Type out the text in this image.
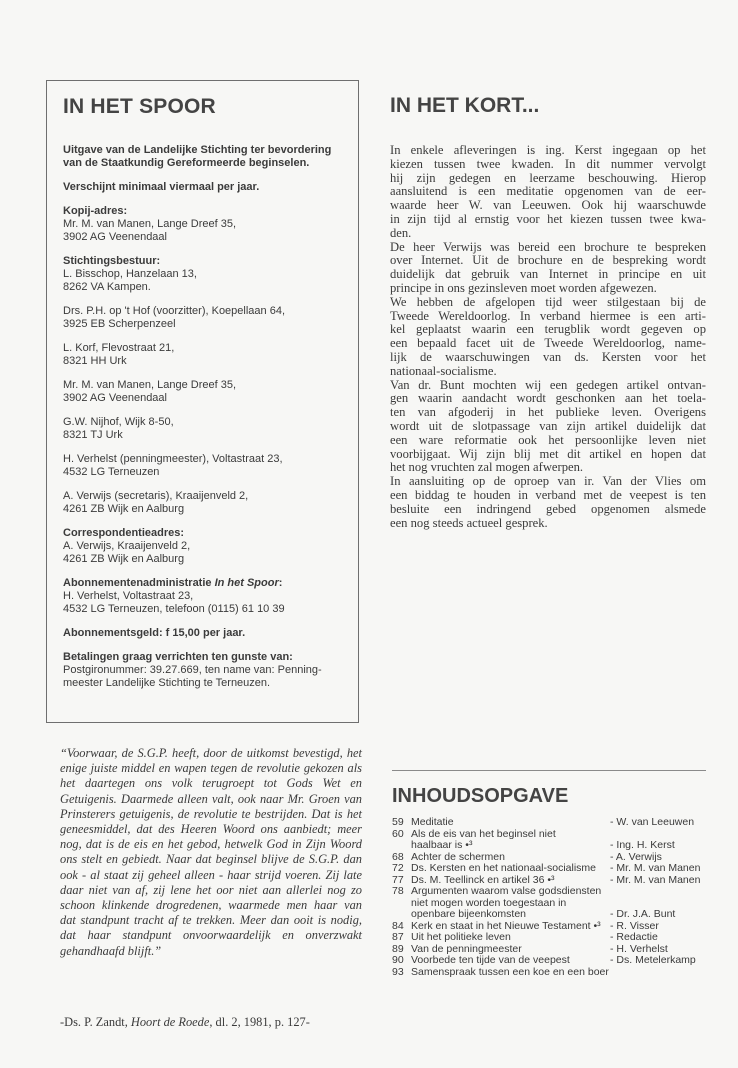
IN HET SPOOR
Uitgave van de Landelijke Stichting ter bevordering
van de Staatkundig Gereformeerde beginselen.
Verschijnt minimaal viermaal per jaar.
Kopij-adres:
Mr. M. van Manen, Lange Dreef 35,
3902 AG Veenendaal
Stichtingsbestuur:
L. Bisschop, Hanzelaan 13,
8262 VA Kampen.
Drs. P.H. op 't Hof (voorzitter), Koepellaan 64,
3925 EB Scherpenzeel
L. Korf, Flevostraat 21,
8321 HH Urk
Mr. M. van Manen, Lange Dreef 35,
3902 AG Veenendaal
G.W. Nijhof, Wijk 8-50,
8321 TJ Urk
H. Verhelst (penningmeester), Voltastraat 23,
4532 LG Terneuzen
A. Verwijs (secretaris), Kraaijenveld 2,
4261 ZB Wijk en Aalburg
Correspondentieadres:
A. Verwijs, Kraaijenveld 2,
4261 ZB Wijk en Aalburg
Abonnementenadministratie In het Spoor:
H. Verhelst, Voltastraat 23,
4532 LG Terneuzen, telefoon (0115) 61 10 39
Abonnementsgeld: f 15,00 per jaar.
Betalingen graag verrichten ten gunste van:
Postgironummer: 39.27.669, ten name van: Penning-
meester Landelijke Stichting te Terneuzen.
IN HET KORT...
In enkele afleveringen is ing. Kerst ingegaan op het
kiezen tussen twee kwaden. In dit nummer vervolgt
hij zijn gedegen en leerzame beschouwing. Hierop
aansluitend is een meditatie opgenomen van de eer-
waarde heer W. van Leeuwen. Ook hij waarschuwde
in zijn tijd al ernstig voor het kiezen tussen twee kwa-
den.
De heer Verwijs was bereid een brochure te bespreken
over Internet. Uit de brochure en de bespreking wordt
duidelijk dat gebruik van Internet in principe en uit
principe in ons gezinsleven moet worden afgewezen.
We hebben de afgelopen tijd weer stilgestaan bij de
Tweede Wereldoorlog. In verband hiermee is een arti-
kel geplaatst waarin een terugblik wordt gegeven op
een bepaald facet uit de Tweede Wereldoorlog, name-
lijk de waarschuwingen van ds. Kersten voor het
nationaal-socialisme.
Van dr. Bunt mochten wij een gedegen artikel ontvan-
gen waarin aandacht wordt geschonken aan het toela-
ten van afgoderij in het publieke leven. Overigens
wordt uit de slotpassage van zijn artikel duidelijk dat
een ware reformatie ook het persoonlijke leven niet
voorbijgaat. Wij zijn blij met dit artikel en hopen dat
het nog vruchten zal mogen afwerpen.
In aansluiting op de oproep van ir. Van der Vlies om
een biddag te houden in verband met de veepest is ten
besluite een indringend gebed opgenomen alsmede
een nog steeds actueel gesprek.
“Voorwaar, de S.G.P. heeft, door de uitkomst bevestigd, het
enige juiste middel en wapen tegen de revolutie gekozen als
het daartegen ons volk terugroept tot Gods Wet en
Getuigenis. Daarmede alleen valt, ook naar Mr. Groen van
Prinsterers getuigenis, de revolutie te bestrijden. Dat is het
geneesmiddel, dat des Heeren Woord ons aanbiedt; meer
nog, dat is de eis en het gebod, hetwelk God in Zijn Woord
ons stelt en gebiedt. Naar dat beginsel blijve de S.G.P. dan
ook - al staat zij geheel alleen - haar strijd voeren. Zij late
daar niet van af, zij lene het oor niet aan allerlei nog zo
schoon klinkende drogredenen, waarmede men haar van
dat standpunt tracht af te trekken. Meer dan ooit is nodig,
dat haar standpunt onvoorwaardelijk en onverzwakt
gehandhaafd blijft.”
-Ds. P. Zandt, Hoort de Roede, dl. 2, 1981, p. 127-
INHOUDSOPGAVE
59 Meditatie	- W. van Leeuwen
60 Als de eis van het beginsel niet
haalbaar is •³	- Ing. H. Kerst
68 Achter de schermen	- A. Verwijs
72 Ds. Kersten en het nationaal-socialisme	- Mr. M. van Manen
77 Ds. M. Teellinck en artikel 36 •³	- Mr. M. van Manen
78 Argumenten waarom valse godsdiensten
niet mogen worden toegestaan in
openbare bijeenkomsten	- Dr. J.A. Bunt
84 Kerk en staat in het Nieuwe Testament •³ - R. Visser
87 Uit het politieke leven	- Redactie
89 Van de penningmeester	- H. Verhelst
90 Voorbede ten tijde van de veepest	- Ds. Metelerkamp
93 Samenspraak tussen een koe en een boer
